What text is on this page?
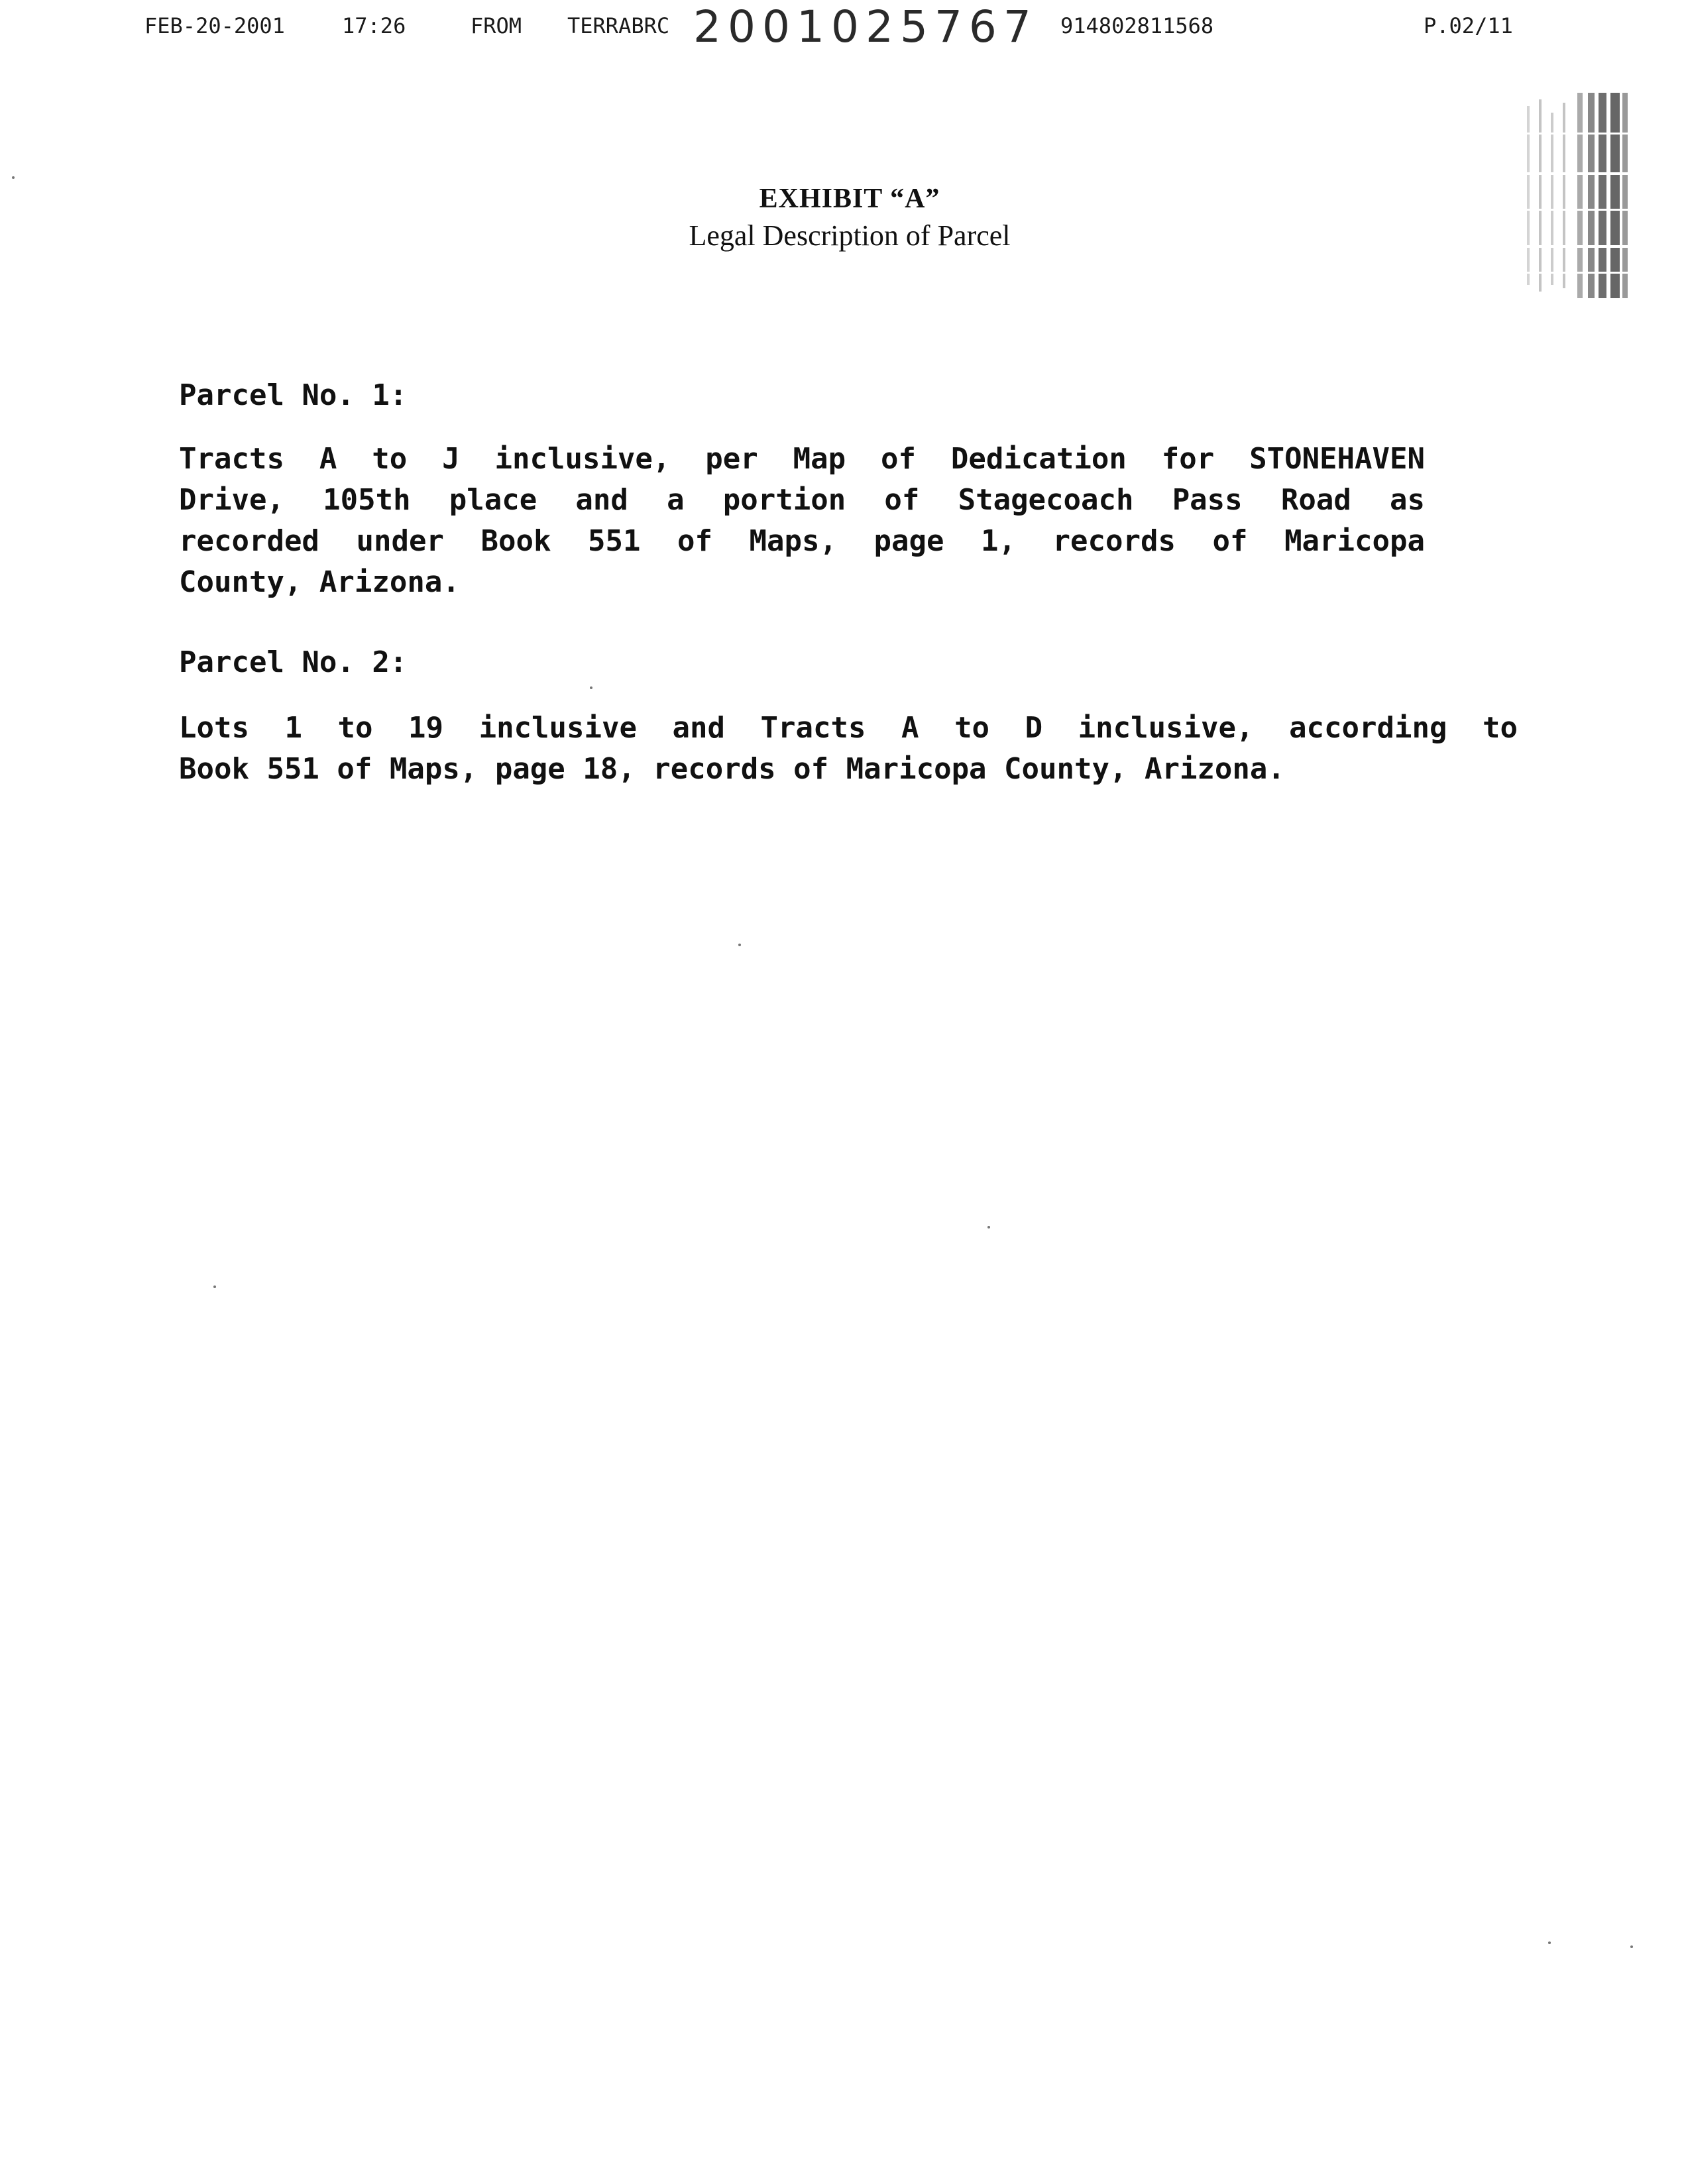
FEB-20-2001	17:26	FROM TERRABRC 2001025767 914802811568	P.02/11

EXHIBIT “A”

Legal Description of Parcel

Parcel No. 1:

Tracts A to J inclusive, per Map of Dedication for STONEHAVEN
Drive, 105th place and a portion of Stagecoach Pass Road as
recorded under Book 551 of Maps, page 1, records of Maricopa
County, Arizona.

Parcel No. 2:

Lots 1 to 19 inclusive and Tracts A to D inclusive, according to
Book 551 of Maps, page 18, records of Maricopa County, Arizona.
